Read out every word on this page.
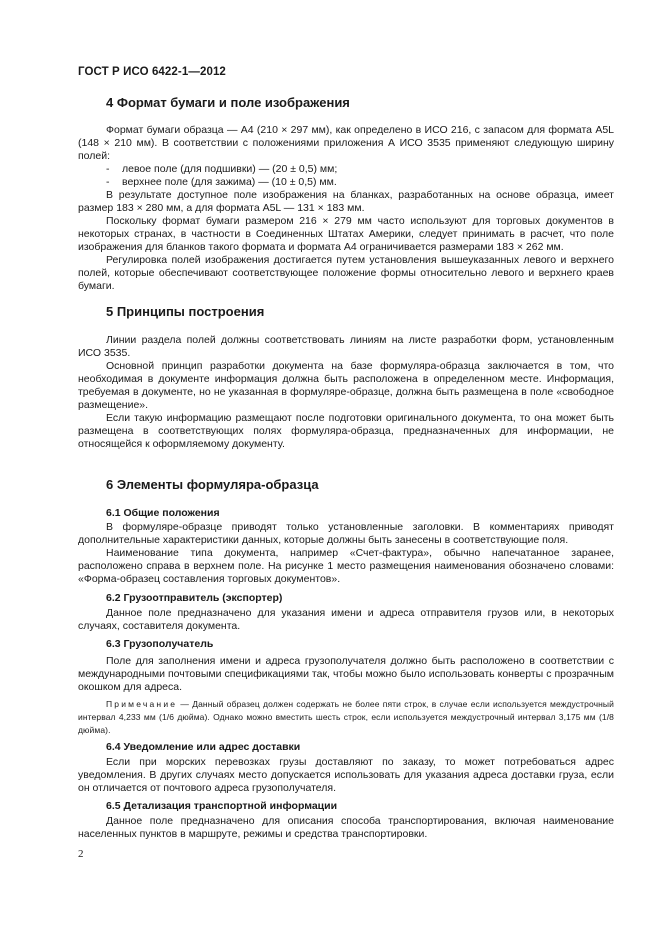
ГОСТ Р ИСО 6422-1—2012
4 Формат бумаги и поле изображения

Формат бумаги образца — A4 (210 × 297 мм), как определено в ИСО 216, с запасом для формата A5L (148 × 210 мм). В соответствии с положениями приложения А ИСО 3535 применяют следующую ширину полей:

- левое поле (для подшивки) — (20 ± 0,5) мм;

- верхнее поле (для зажима) — (10 ± 0,5) мм.

В результате доступное поле изображения на бланках, разработанных на основе образца, имеет размер 183 × 280 мм, а для формата A5L — 131 × 183 мм.

Поскольку формат бумаги размером 216 × 279 мм часто используют для торговых документов в некоторых странах, в частности в Соединенных Штатах Америки, следует принимать в расчет, что поле изображения для бланков такого формата и формата A4 ограничивается размерами 183 × 262 мм.

Регулировка полей изображения достигается путем установления вышеуказанных левого и верхнего полей, которые обеспечивают соответствующее положение формы относительно левого и верхнего краев бумаги.

5 Принципы построения

Линии раздела полей должны соответствовать линиям на листе разработки форм, установленным ИСО 3535.

Основной принцип разработки документа на базе формуляра-образца заключается в том, что необходимая в документе информация должна быть расположена в определенном месте. Информация, требуемая в документе, но не указанная в формуляре-образце, должна быть размещена в поле «свободное размещение».

Если такую информацию размещают после подготовки оригинального документа, то она может быть размещена в соответствующих полях формуляра-образца, предназначенных для информации, не относящейся к оформляемому документу.

6 Элементы формуляра-образца
6.1 Общие положения

В формуляре-образце приводят только установленные заголовки. В комментариях приводят дополнительные характеристики данных, которые должны быть занесены в соответствующие поля.

Наименование типа документа, например «Счет-фактура», обычно напечатанное заранее, расположено справа в верхнем поле. На рисунке 1 место размещения наименования обозначено словами: «Форма-образец составления торговых документов».

6.2 Грузоотправитель (экспортер)

Данное поле предназначено для указания имени и адреса отправителя грузов или, в некоторых случаях, составителя документа.

6.3 Грузополучатель

Поле для заполнения имени и адреса грузополучателя должно быть расположено в соответствии с международными почтовыми спецификациями так, чтобы можно было использовать конверты с прозрачным окошком для адреса.

Примечание — Данный образец должен содержать не более пяти строк, в случае если используется междустрочный интервал 4,233 мм (1/6 дюйма). Однако можно вместить шесть строк, если используется междустрочный интервал 3,175 мм (1/8 дюйма).

6.4 Уведомление или адрес доставки

Если при морских перевозках грузы доставляют по заказу, то может потребоваться адрес уведомления. В других случаях место допускается использовать для указания адреса доставки груза, если он отличается от почтового адреса грузополучателя.

6.5 Детализация транспортной информации

Данное поле предназначено для описания способа транспортирования, включая наименование населенных пунктов в маршруте, режимы и средства транспортировки.

2
